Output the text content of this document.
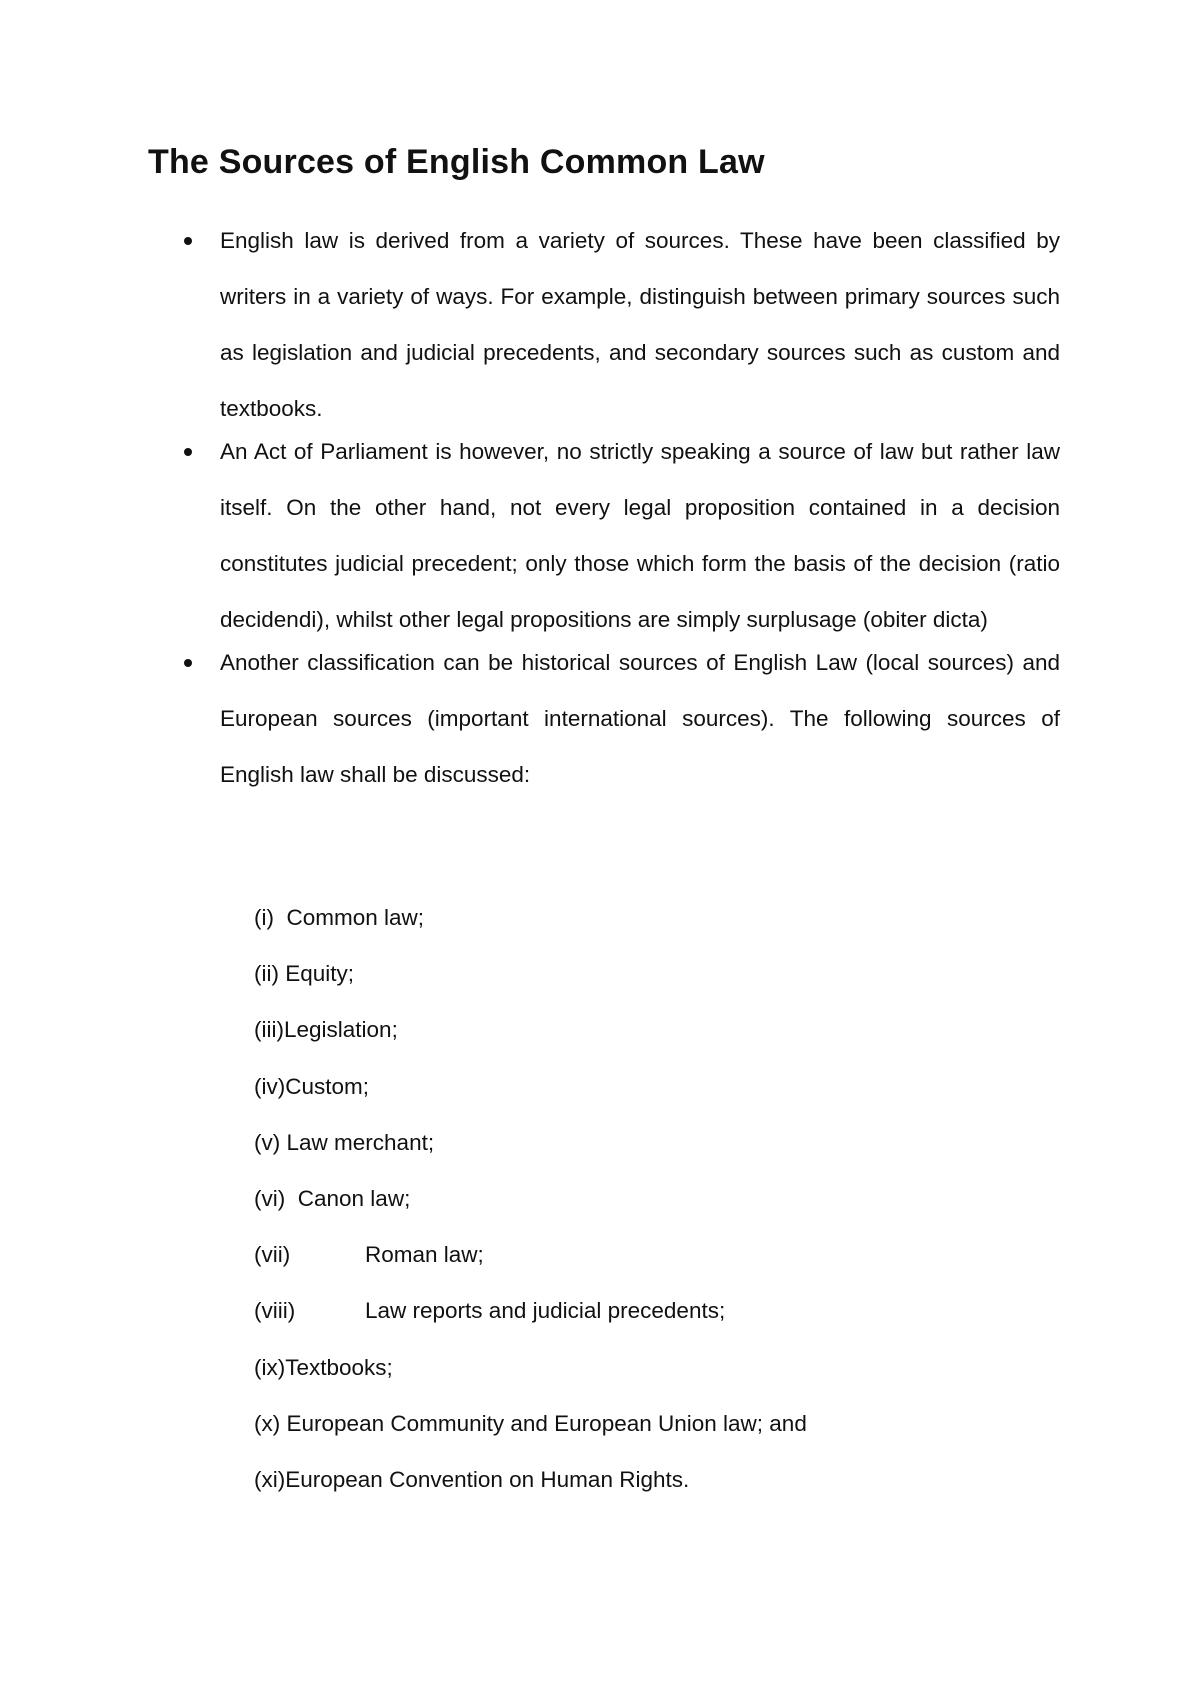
The Sources of English Common Law
English law is derived from a variety of sources. These have been classified by writers in a variety of ways. For example, distinguish between primary sources such as legislation and judicial precedents, and secondary sources such as custom and textbooks.
An Act of Parliament is however, no strictly speaking a source of law but rather law itself. On the other hand, not every legal proposition contained in a decision constitutes judicial precedent; only those which form the basis of the decision (ratio decidendi), whilst other legal propositions are simply surplusage (obiter dicta)
Another classification can be historical sources of English Law (local sources) and European sources (important international sources). The following sources of English law shall be discussed:
(i) Common law;
(ii) Equity;
(iii)Legislation;
(iv)Custom;
(v) Law merchant;
(vi) Canon law;
(vii)	Roman law;
(viii)	Law reports and judicial precedents;
(ix)Textbooks;
(x) European Community and European Union law; and
(xi)European Convention on Human Rights.
